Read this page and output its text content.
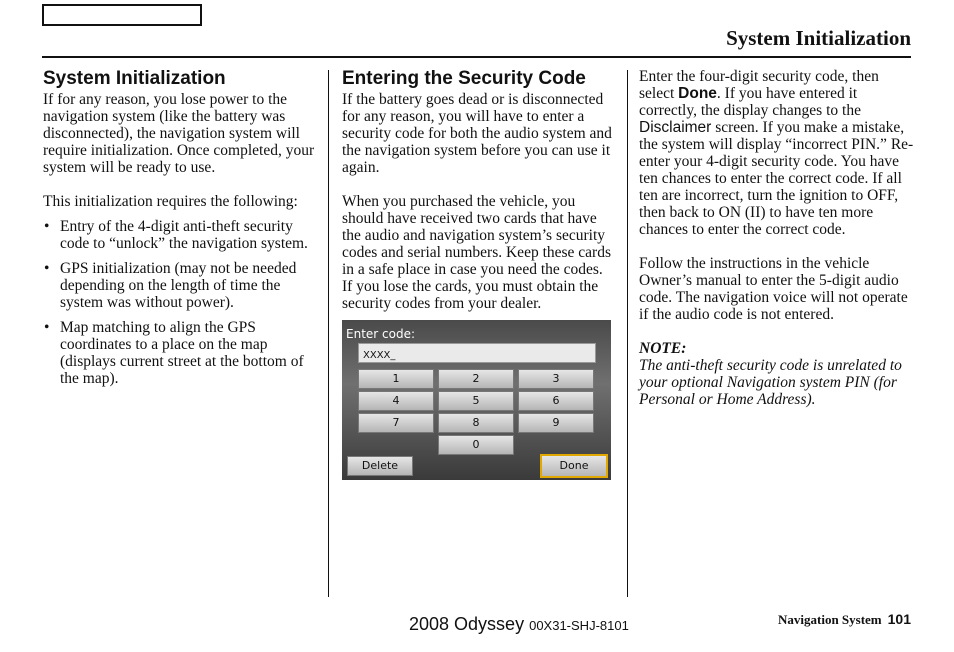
System Initialization
System Initialization

If for any reason, you lose power to the navigation system (like the battery was disconnected), the navigation system will require initialization. Once completed, your system will be ready to use.

This initialization requires the following:

• Entry of the 4-digit anti-theft security code to “unlock” the navigation system.
• GPS initialization (may not be needed depending on the length of time the system was without power).
• Map matching to align the GPS coordinates to a place on the map (displays current street at the bottom of the map).
Entering the Security Code

If the battery goes dead or is disconnected for any reason, you will have to enter a security code for both the audio system and the navigation system before you can use it again.

When you purchased the vehicle, you should have received two cards that have the audio and navigation system’s security codes and serial numbers. Keep these cards in a safe place in case you need the codes. If you lose the cards, you must obtain the security codes from your dealer.

Enter code:
XXXX_
1	2	3
4	5	6
7	8	9
0
Delete	Done

Enter the four-digit security code, then select Done. If you have entered it correctly, the display changes to the Disclaimer screen. If you make a mistake, the system will display “incorrect PIN.” Re-enter your 4-digit security code. You have ten chances to enter the correct code. If all ten are incorrect, turn the ignition to OFF, then back to ON (II) to have ten more chances to enter the correct code.

Follow the instructions in the vehicle Owner’s manual to enter the 5-digit audio code. The navigation voice will not operate if the audio code is not entered.

NOTE:
The anti-theft security code is unrelated to your optional Navigation system PIN (for Personal or Home Address).
2008 Odyssey 00X31-SHJ-8101	Navigation System 101
